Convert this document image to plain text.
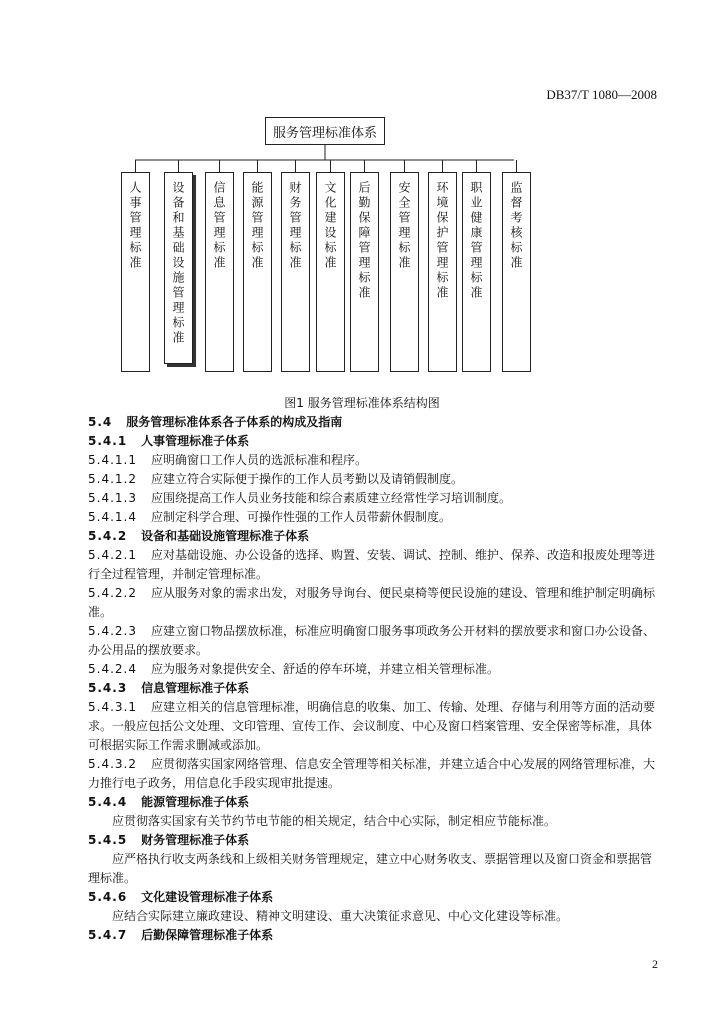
DB37/T 1080—2008
服务管理标准体系
人事管理标准	设备和基础设施管理标准	信息管理标准	能源管理标准	财务管理标准	文化建设标准	后勤保障管理标准	安全管理标准	环境保护管理标准	职业健康管理标准	监督考核标准
图1 服务管理标准体系结构图

5.4 服务管理标准体系各子体系的构成及指南

5.4.1 人事管理标准子体系

5.4.1.1 应明确窗口工作人员的选派标准和程序。

5.4.1.2 应建立符合实际便于操作的工作人员考勤以及请销假制度。

5.4.1.3 应围绕提高工作人员业务技能和综合素质建立经常性学习培训制度。

5.4.1.4 应制定科学合理、可操作性强的工作人员带薪休假制度。

5.4.2 设备和基础设施管理标准子体系

5.4.2.1 应对基础设施、办公设备的选择、购置、安装、调试、控制、维护、保养、改造和报废处理等进行全过程管理，并制定管理标准。

5.4.2.2 应从服务对象的需求出发，对服务导询台、便民桌椅等便民设施的建设、管理和维护制定明确标准。

5.4.2.3 应建立窗口物品摆放标准，标准应明确窗口服务事项政务公开材料的摆放要求和窗口办公设备、办公用品的摆放要求。

5.4.2.4 应为服务对象提供安全、舒适的停车环境，并建立相关管理标准。

5.4.3 信息管理标准子体系

5.4.3.1 应建立相关的信息管理标准，明确信息的收集、加工、传输、处理、存储与利用等方面的活动要求。一般应包括公文处理、文印管理、宣传工作、会议制度、中心及窗口档案管理、安全保密等标准，具体可根据实际工作需求删减或添加。

5.4.3.2 应贯彻落实国家网络管理、信息安全管理等相关标准，并建立适合中心发展的网络管理标准，大力推行电子政务，用信息化手段实现审批提速。

5.4.4 能源管理标准子体系

应贯彻落实国家有关节约节电节能的相关规定，结合中心实际，制定相应节能标准。

5.4.5 财务管理标准子体系

应严格执行收支两条线和上级相关财务管理规定，建立中心财务收支、票据管理以及窗口资金和票据管理标准。

5.4.6 文化建设管理标准子体系

应结合实际建立廉政建设、精神文明建设、重大决策征求意见、中心文化建设等标准。

5.4.7 后勤保障管理标准子体系

2
